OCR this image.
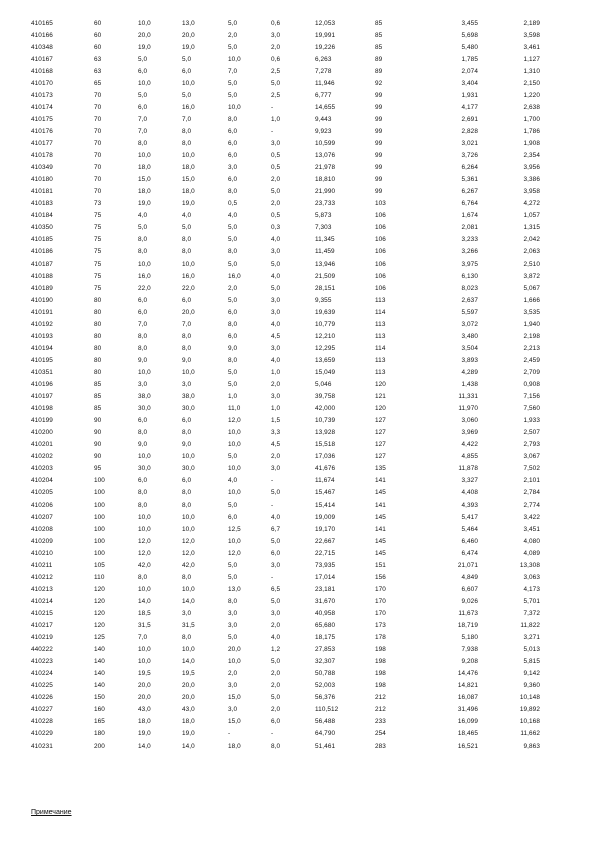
410165	60	10,0	13,0	5,0	0,6	12,053	85	3,455	2,189
410166	60	20,0	20,0	2,0	3,0	19,991	85	5,698	3,598
410348	60	19,0	19,0	5,0	2,0	19,226	85	5,480	3,461
410167	63	5,0	5,0	10,0	0,6	6,263	89	1,785	1,127
410168	63	6,0	6,0	7,0	2,5	7,278	89	2,074	1,310
410170	65	10,0	10,0	5,0	5,0	11,946	92	3,404	2,150
410173	70	5,0	5,0	5,0	2,5	6,777	99	1,931	1,220
410174	70	6,0	16,0	10,0	-	14,655	99	4,177	2,638
410175	70	7,0	7,0	8,0	1,0	9,443	99	2,691	1,700
410176	70	7,0	8,0	6,0	-	9,923	99	2,828	1,786
410177	70	8,0	8,0	6,0	3,0	10,599	99	3,021	1,908
410178	70	10,0	10,0	6,0	0,5	13,076	99	3,726	2,354
410349	70	18,0	18,0	3,0	0,5	21,978	99	6,264	3,956
410180	70	15,0	15,0	6,0	2,0	18,810	99	5,361	3,386
410181	70	18,0	18,0	8,0	5,0	21,990	99	6,267	3,958
410183	73	19,0	19,0	0,5	2,0	23,733	103	6,764	4,272
410184	75	4,0	4,0	4,0	0,5	5,873	106	1,674	1,057
410350	75	5,0	5,0	5,0	0,3	7,303	106	2,081	1,315
410185	75	8,0	8,0	5,0	4,0	11,345	106	3,233	2,042
410186	75	8,0	8,0	8,0	3,0	11,459	106	3,266	2,063
410187	75	10,0	10,0	5,0	5,0	13,946	106	3,975	2,510
410188	75	16,0	16,0	16,0	4,0	21,509	106	6,130	3,872
410189	75	22,0	22,0	2,0	5,0	28,151	106	8,023	5,067
410190	80	6,0	6,0	5,0	3,0	9,355	113	2,637	1,666
410191	80	6,0	20,0	6,0	3,0	19,639	114	5,597	3,535
410192	80	7,0	7,0	8,0	4,0	10,779	113	3,072	1,940
410193	80	8,0	8,0	6,0	4,5	12,210	113	3,480	2,198
410194	80	8,0	8,0	9,0	3,0	12,295	114	3,504	2,213
410195	80	9,0	9,0	8,0	4,0	13,659	113	3,893	2,459
410351	80	10,0	10,0	5,0	1,0	15,049	113	4,289	2,709
410196	85	3,0	3,0	5,0	2,0	5,046	120	1,438	0,908
410197	85	38,0	38,0	1,0	3,0	39,758	121	11,331	7,156
410198	85	30,0	30,0	11,0	1,0	42,000	120	11,970	7,560
410199	90	6,0	6,0	12,0	1,5	10,739	127	3,060	1,933
410200	90	8,0	8,0	10,0	3,3	13,928	127	3,969	2,507
410201	90	9,0	9,0	10,0	4,5	15,518	127	4,422	2,793
410202	90	10,0	10,0	5,0	2,0	17,036	127	4,855	3,067
410203	95	30,0	30,0	10,0	3,0	41,676	135	11,878	7,502
410204	100	6,0	6,0	4,0	-	11,674	141	3,327	2,101
410205	100	8,0	8,0	10,0	5,0	15,467	145	4,408	2,784
410206	100	8,0	8,0	5,0	-	15,414	141	4,393	2,774
410207	100	10,0	10,0	6,0	4,0	19,009	145	5,417	3,422
410208	100	10,0	10,0	12,5	6,7	19,170	141	5,464	3,451
410209	100	12,0	12,0	10,0	5,0	22,667	145	6,460	4,080
410210	100	12,0	12,0	12,0	6,0	22,715	145	6,474	4,089
410211	105	42,0	42,0	5,0	3,0	73,935	151	21,071	13,308
410212	110	8,0	8,0	5,0	-	17,014	156	4,849	3,063
410213	120	10,0	10,0	13,0	6,5	23,181	170	6,607	4,173
410214	120	14,0	14,0	8,0	5,0	31,670	170	9,026	5,701
410215	120	18,5	3,0	3,0	3,0	40,958	170	11,673	7,372
410217	120	31,5	31,5	3,0	2,0	65,680	173	18,719	11,822
410219	125	7,0	8,0	5,0	4,0	18,175	178	5,180	3,271
440222	140	10,0	10,0	20,0	1,2	27,853	198	7,938	5,013
410223	140	10,0	14,0	10,0	5,0	32,307	198	9,208	5,815
410224	140	19,5	19,5	2,0	2,0	50,788	198	14,476	9,142
410225	140	20,0	20,0	3,0	2,0	52,003	198	14,821	9,360
410226	150	20,0	20,0	15,0	5,0	56,376	212	16,087	10,148
410227	160	43,0	43,0	3,0	2,0	110,512	212	31,496	19,892
410228	165	18,0	18,0	15,0	6,0	56,488	233	16,099	10,168
410229	180	19,0	19,0	-	-	64,790	254	18,465	11,662
410231	200	14,0	14,0	18,0	8,0	51,461	283	16,521	9,863
Примечание
